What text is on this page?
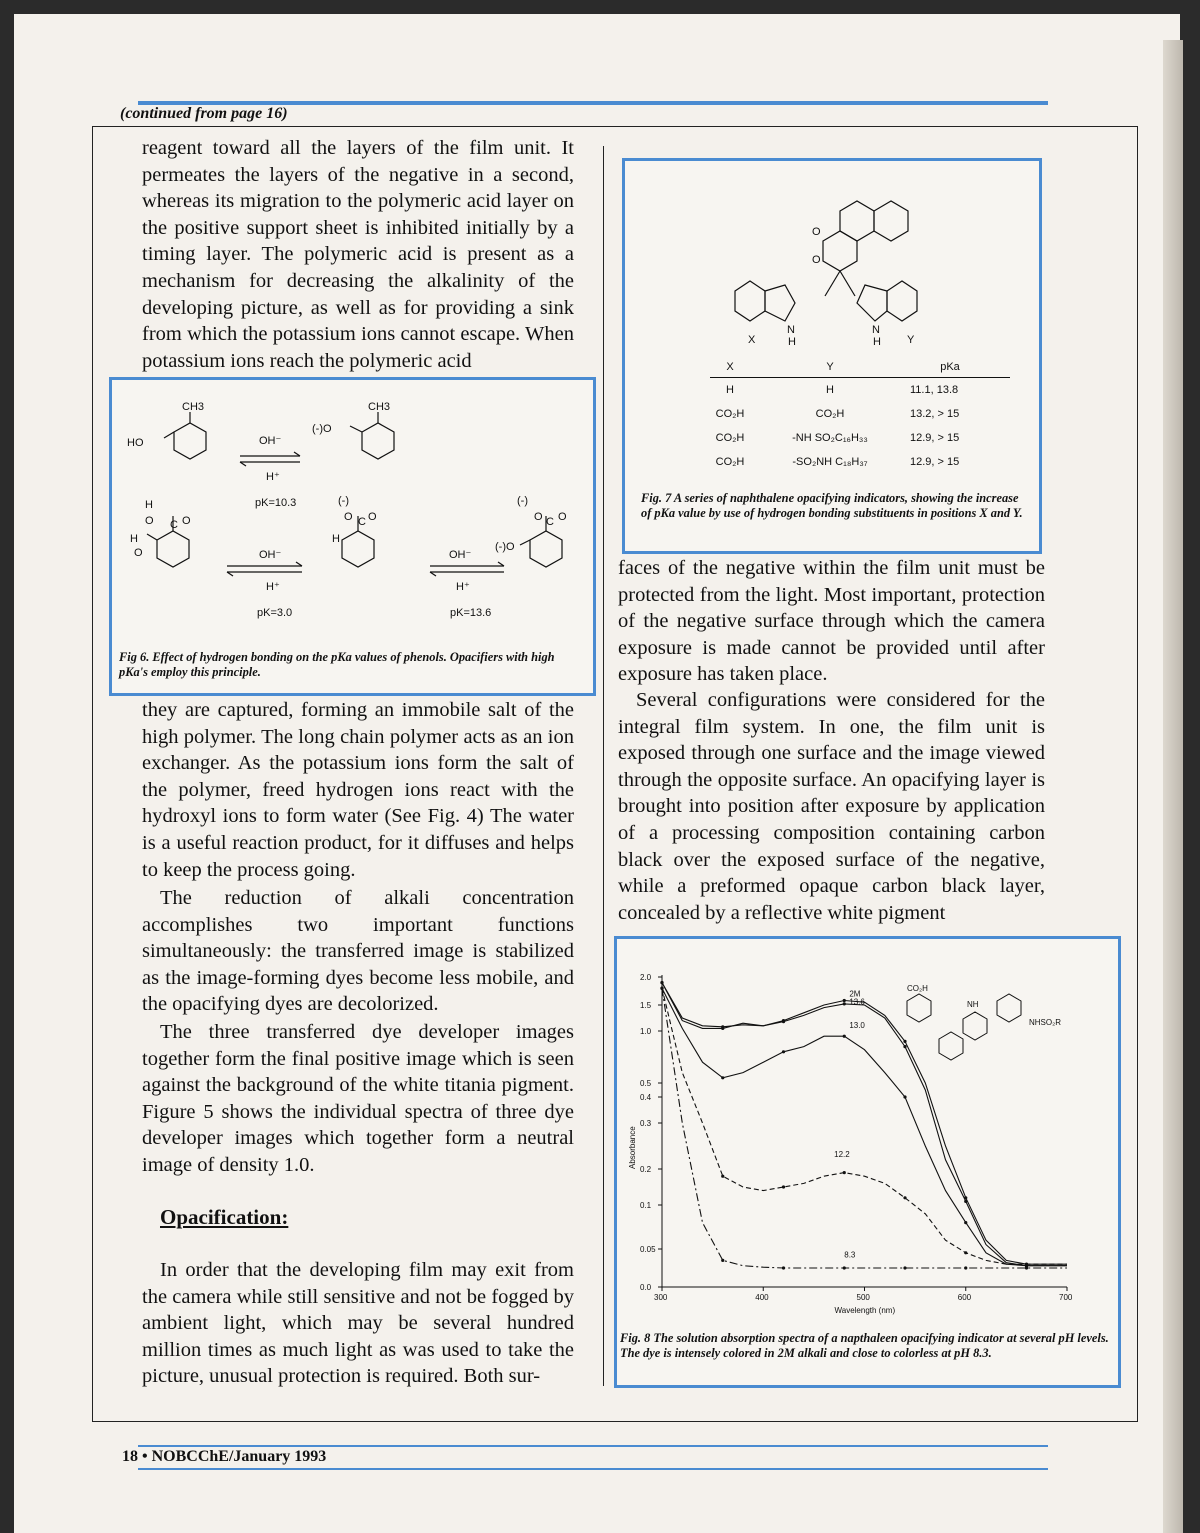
(continued from page 16)
18 • NOBCChE/January 1993

reagent toward all the layers of the film unit. It permeates the layers of the negative in a second, whereas its migration to the polymeric acid layer on the positive support sheet is inhibited initially by a timing layer. The polymeric acid is present as a mechanism for decreasing the alkalinity of the developing picture, as well as for providing a sink from which the potassium ions cannot escape. When potassium ions reach the polymeric acid

CH3
HO
CH3
(-)O
OH⁻
H⁺
pK=10.3
H
O C O
H
O
(-)
O C O
H
OH⁻
H⁺
pK=3.0
OH⁻
H⁺
pK=13.6
(-)
O C O
(-)O
Fig 6. Effect of hydrogen bonding on the pKa values of phenols. Opacifiers with high pKa's employ this principle.

they are captured, forming an immobile salt of the high polymer. The long chain polymer acts as an ion exchanger. As the potassium ions form the salt of the polymer, freed hydrogen ions react with the hydroxyl ions to form water (See Fig. 4) The water is a useful reaction product, for it diffuses and helps to keep the process going.

The reduction of alkali concentration accomplishes two important functions simultaneously: the transferred image is stabilized as the image-forming dyes become less mobile, and the opacifying dyes are decolorized.

The three transferred dye developer images together form the final positive image which is seen against the background of the white titania pigment. Figure 5 shows the individual spectra of three dye developer images which together form a neutral image of density 1.0.

Opacification:

In order that the developing film may exit from the camera while still sensitive and not be fogged by ambient light, which may be several hundred million times as much light as was used to take the picture, unusual protection is required. Both sur-

O
O
N
H
X
N
H Y
X	Y	pKa
H	H	11.1, 13.8
CO₂H	CO₂H	13.2, > 15
CO₂H	-NH SO₂C₁₆H₃₃	12.9, > 15
CO₂H	-SO₂NH C₁₈H₃₇	12.9, > 15
Fig. 7 A series of naphthalene opacifying indicators, showing the increase of pKa value by use of hydrogen bonding substituents in positions X and Y.

faces of the negative within the film unit must be protected from the light. Most important, protection of the negative surface through which the camera exposure is made cannot be provided until after exposure has taken place.

Several configurations were considered for the integral film system. In one, the film unit is exposed through one surface and the image viewed through the opposite surface. An opacifying layer is brought into position after exposure by application of a processing composition containing carbon black over the exposed surface of the negative, while a preformed opaque carbon black layer, concealed by a reflective white pigment

300	400	500	600	700
0.0
0.05
0.1
0.2
0.3
0.4
0.5
1.0
1.5
2.0
Wavelength (nm)
Absorbance
2M
13.6
13.0
12.2
8.3
CO₂H
NH
NHSO₂R
Fig. 8 The solution absorption spectra of a napthaleen opacifying indicator at several pH levels. The dye is intensely colored in 2M alkali and close to colorless at pH 8.3.
